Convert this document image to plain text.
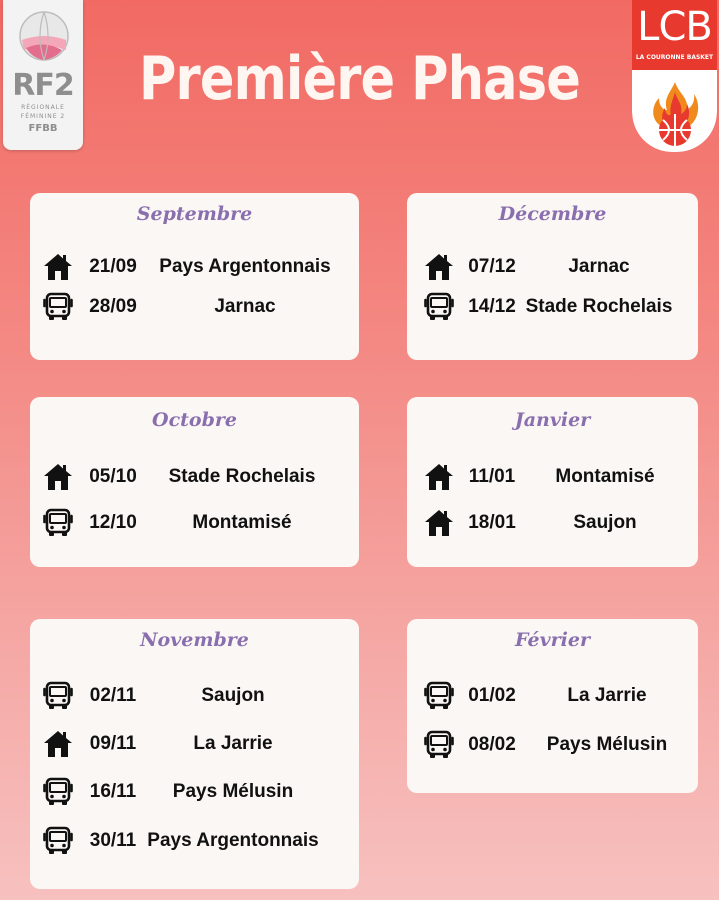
Première Phase
RF2
RÉGIONALE
FÉMININE 2
FFBB
LCB
LA COURONNE BASKET
Septembre
21/09	Pays Argentonnais
28/09	Jarnac
Décembre
07/12	Jarnac
14/12 Stade Rochelais
Octobre
05/10	Stade Rochelais
12/10	Montamisé
Janvier
11/01	Montamisé
18/01	Saujon
Novembre
02/11	Saujon
09/11	La Jarrie
16/11	Pays Mélusin
30/11 Pays Argentonnais
Février
01/02	La Jarrie
08/02	Pays Mélusin
